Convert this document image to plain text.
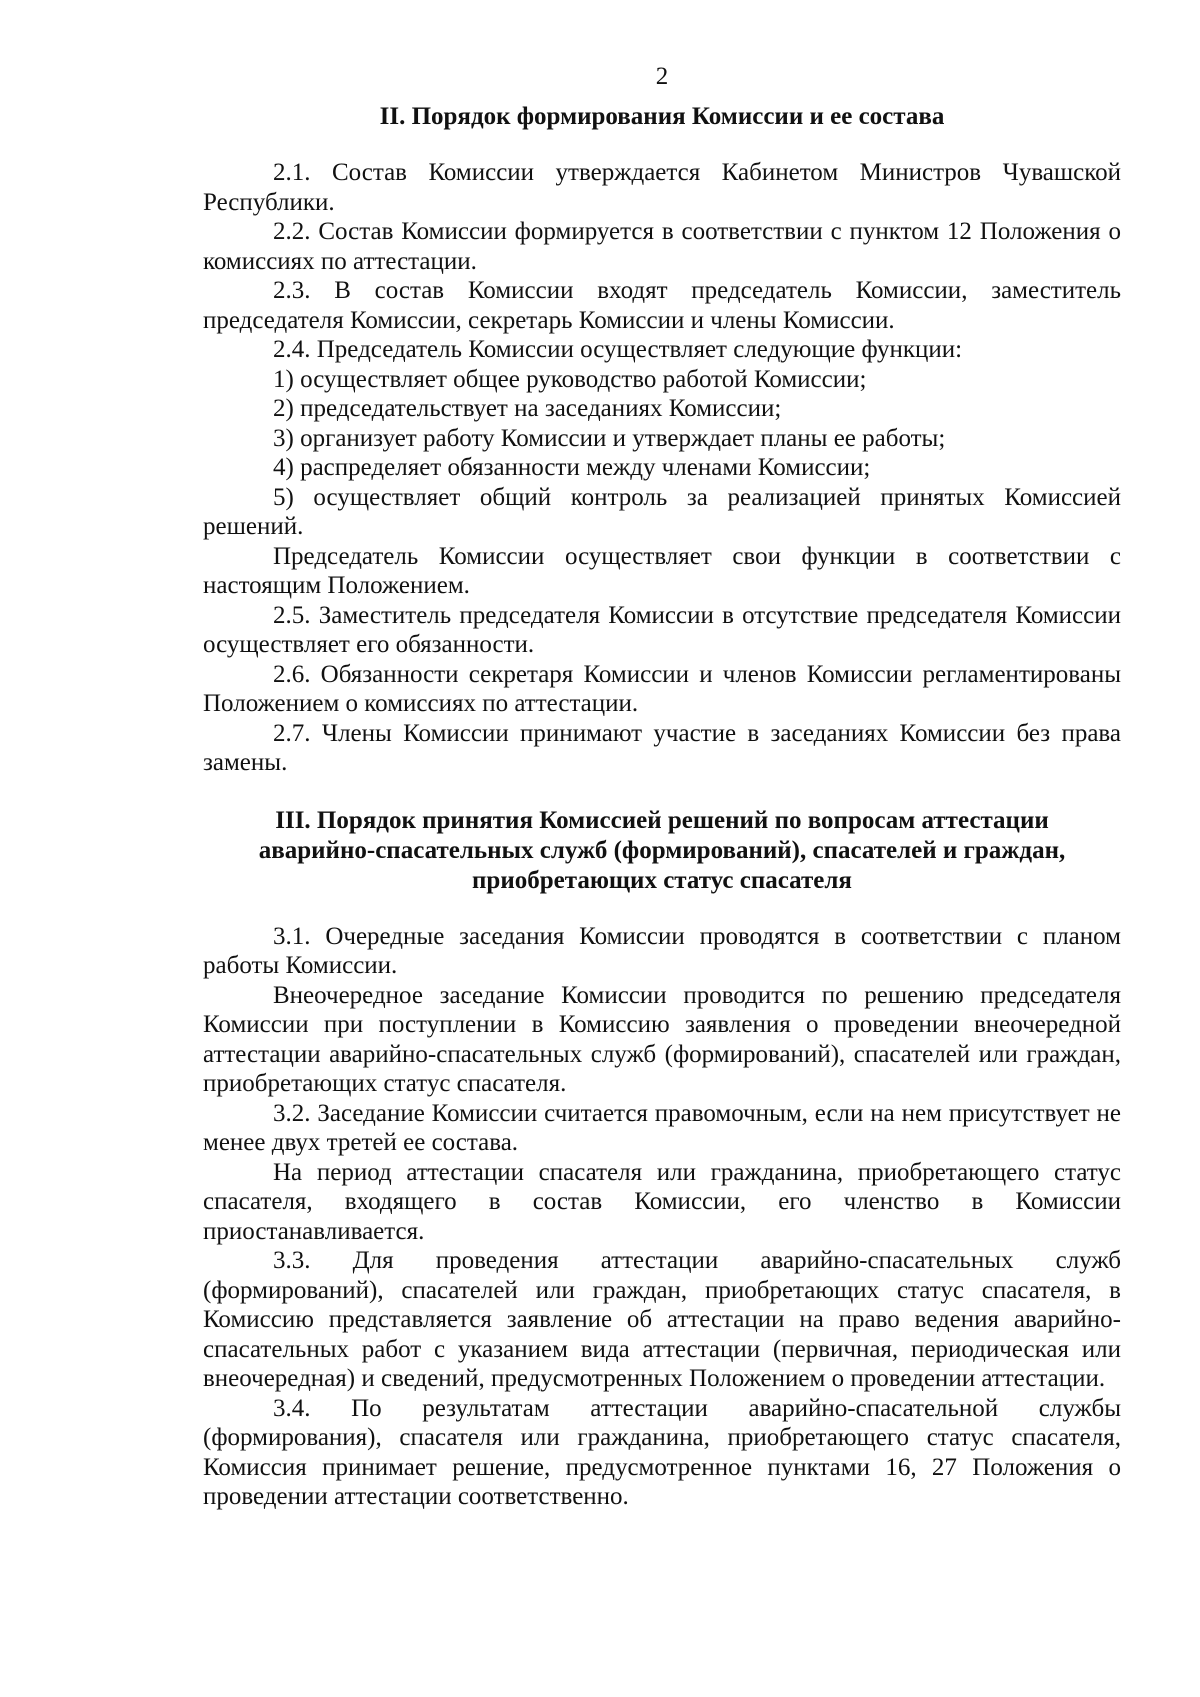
2
II. Порядок формирования Комиссии и ее состава

2.1. Состав Комиссии утверждается Кабинетом Министров Чувашской Республики.

2.2. Состав Комиссии формируется в соответствии с пунктом 12 Положения о комиссиях по аттестации.

2.3. В состав Комиссии входят председатель Комиссии, заместитель председателя Комиссии, секретарь Комиссии и члены Комиссии.

2.4. Председатель Комиссии осуществляет следующие функции:

1) осуществляет общее руководство работой Комиссии;

2) председательствует на заседаниях Комиссии;

3) организует работу Комиссии и утверждает планы ее работы;

4) распределяет обязанности между членами Комиссии;

5) осуществляет общий контроль за реализацией принятых Комиссией решений.

Председатель Комиссии осуществляет свои функции в соответствии с настоящим Положением.

2.5. Заместитель председателя Комиссии в отсутствие председателя Комиссии осуществляет его обязанности.

2.6. Обязанности секретаря Комиссии и членов Комиссии регламентированы Положением о комиссиях по аттестации.

2.7. Члены Комиссии принимают участие в заседаниях Комиссии без права замены.

III. Порядок принятия Комиссией решений по вопросам аттестации
аварийно-спасательных служб (формирований), спасателей и граждан,
приобретающих статус спасателя

3.1. Очередные заседания Комиссии проводятся в соответствии с планом работы Комиссии.

Внеочередное заседание Комиссии проводится по решению председателя Комиссии при поступлении в Комиссию заявления о проведении внеочередной аттестации аварийно-спасательных служб (формирований), спасателей или граждан, приобретающих статус спасателя.

3.2. Заседание Комиссии считается правомочным, если на нем присутствует не менее двух третей ее состава.

На период аттестации спасателя или гражданина, приобретающего статус спасателя, входящего в состав Комиссии, его членство в Комиссии приостанавливается.

3.3. Для проведения аттестации аварийно-спасательных служб (формирований), спасателей или граждан, приобретающих статус спасателя, в Комиссию представляется заявление об аттестации на право ведения аварийно-спасательных работ с указанием вида аттестации (первичная, периодическая или внеочередная) и сведений, предусмотренных Положением о проведении аттестации.

3.4. По результатам аттестации аварийно-спасательной службы (формирования), спасателя или гражданина, приобретающего статус спасателя, Комиссия принимает решение, предусмотренное пунктами 16, 27 Положения о проведении аттестации соответственно.
